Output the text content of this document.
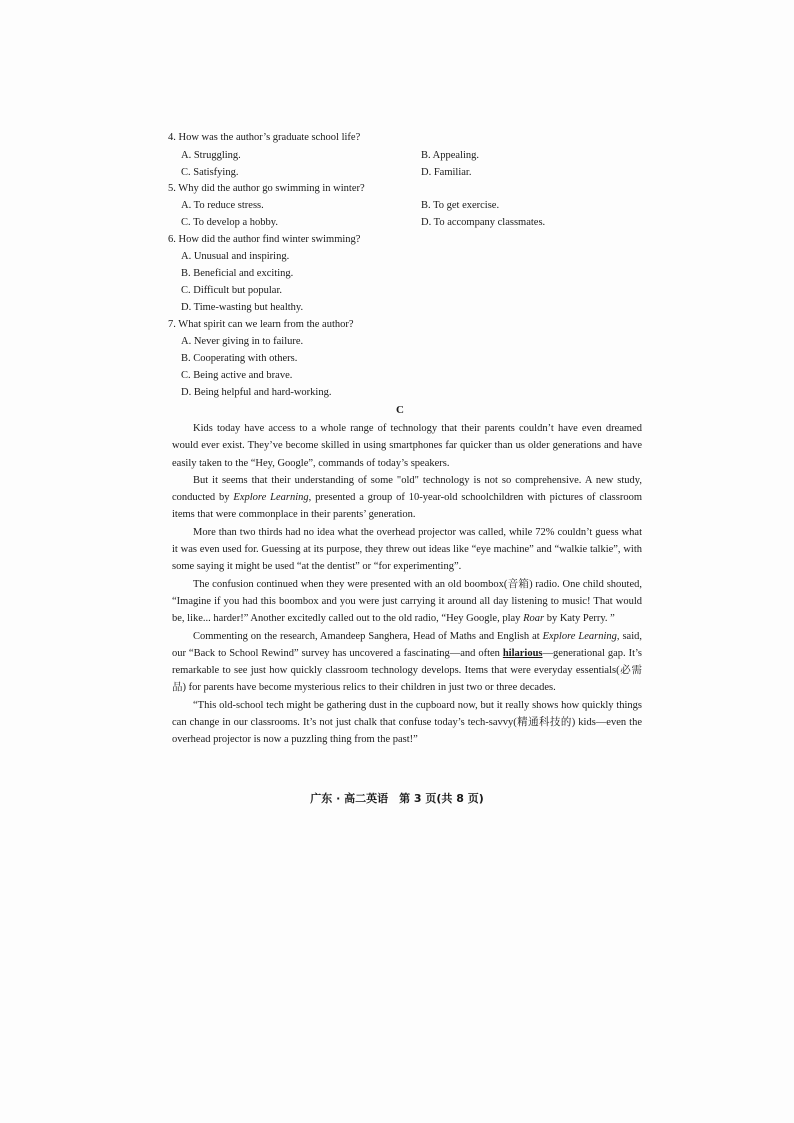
4. How was the author’s graduate school life?
A. Struggling.	B. Appealing.
C. Satisfying.	D. Familiar.
5. Why did the author go swimming in winter?
A. To reduce stress.	B. To get exercise.
C. To develop a hobby.	D. To accompany classmates.
6. How did the author find winter swimming?
A. Unusual and inspiring.
B. Beneficial and exciting.
C. Difficult but popular.
D. Time-wasting but healthy.
7. What spirit can we learn from the author?
A. Never giving in to failure.
B. Cooperating with others.
C. Being active and brave.
D. Being helpful and hard-working.
C

Kids today have access to a whole range of technology that their parents couldn’t have even dreamed would ever exist. They’ve become skilled in using smartphones far quicker than us older generations and have easily taken to the “Hey, Google”, commands of today’s speakers.

But it seems that their understanding of some "old" technology is not so comprehensive. A new study, conducted by Explore Learning, presented a group of 10-year-old schoolchildren with pictures of classroom items that were commonplace in their parents’ generation.

More than two thirds had no idea what the overhead projector was called, while 72% couldn’t guess what it was even used for. Guessing at its purpose, they threw out ideas like “eye machine” and “walkie talkie”, with some saying it might be used “at the dentist” or “for experimenting”.

The confusion continued when they were presented with an old boombox(音箱) radio. One child shouted, “Imagine if you had this boombox and you were just carrying it around all day listening to music! That would be, like... harder!” Another excitedly called out to the old radio, “Hey Google, play Roar by Katy Perry. ”

Commenting on the research, Amandeep Sanghera, Head of Maths and English at Explore Learning, said, our “Back to School Rewind” survey has uncovered a fascinating—and often hilarious—generational gap. It’s remarkable to see just how quickly classroom technology develops. Items that were everyday essentials(必需品) for parents have become mysterious relics to their children in just two or three decades.

“This old-school tech might be gathering dust in the cupboard now, but it really shows how quickly things can change in our classrooms. It’s not just chalk that confuse today’s tech-savvy(精通科技的) kids—even the overhead projector is now a puzzling thing from the past!”

广东 · 高二英语　第 3 页(共 8 页)
